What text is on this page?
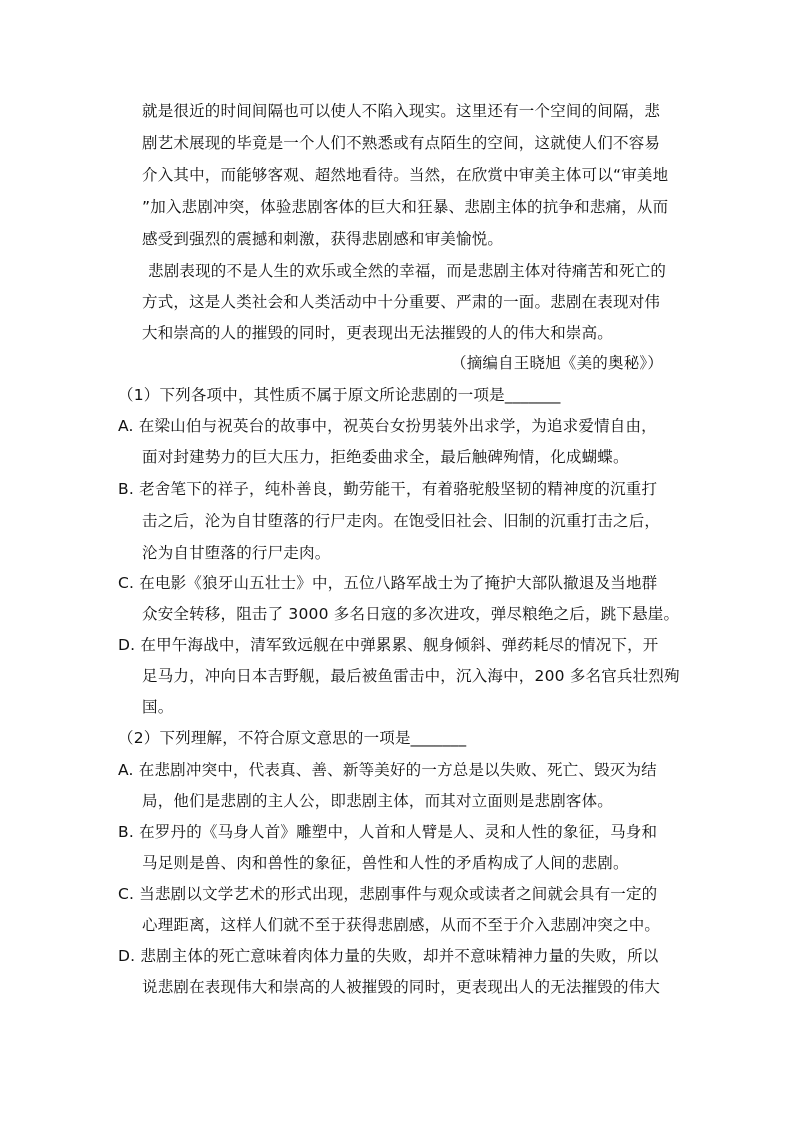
就是很近的时间间隔也可以使人不陷入现实。这里还有一个空间的间隔，悲
剧艺术展现的毕竟是一个人们不熟悉或有点陌生的空间，这就使人们不容易
介入其中，而能够客观、超然地看待。当然，在欣赏中审美主体可以“审美地
”加入悲剧冲突，体验悲剧客体的巨大和狂暴、悲剧主体的抗争和悲痛，从而
感受到强烈的震撼和刺激，获得悲剧感和审美愉悦。
悲剧表现的不是人生的欢乐或全然的幸福，而是悲剧主体对待痛苦和死亡的
方式，这是人类社会和人类活动中十分重要、严肃的一面。悲剧在表现对伟
大和崇高的人的摧毁的同时，更表现出无法摧毁的人的伟大和崇高。
（摘编自王晓旭《美的奥秘》）
（1）下列各项中，其性质不属于原文所论悲剧的一项是_______
A. 在梁山伯与祝英台的故事中，祝英台女扮男装外出求学，为追求爱情自由，
面对封建势力的巨大压力，拒绝委曲求全，最后触碑殉情，化成蝴蝶。
B. 老舍笔下的祥子，纯朴善良，勤劳能干，有着骆驼般坚韧的精神度的沉重打
击之后，沦为自甘堕落的行尸走肉。在饱受旧社会、旧制的沉重打击之后，
沦为自甘堕落的行尸走肉。
C. 在电影《狼牙山五壮士》中，五位八路军战士为了掩护大部队撤退及当地群
众安全转移，阻击了 3000 多名日寇的多次进攻，弹尽粮绝之后，跳下悬崖。
D. 在甲午海战中，清军致远舰在中弹累累、舰身倾斜、弹药耗尽的情况下，开
足马力，冲向日本吉野舰，最后被鱼雷击中，沉入海中，200 多名官兵壮烈殉
国。
（2）下列理解，不符合原文意思的一项是_______
A. 在悲剧冲突中，代表真、善、新等美好的一方总是以失败、死亡、毁灭为结
局，他们是悲剧的主人公，即悲剧主体，而其对立面则是悲剧客体。
B. 在罗丹的《马身人首》雕塑中，人首和人臂是人、灵和人性的象征，马身和
马足则是兽、肉和兽性的象征，兽性和人性的矛盾构成了人间的悲剧。
C. 当悲剧以文学艺术的形式出现，悲剧事件与观众或读者之间就会具有一定的
心理距离，这样人们就不至于获得悲剧感，从而不至于介入悲剧冲突之中。
D. 悲剧主体的死亡意味着肉体力量的失败，却并不意味精神力量的失败，所以
说悲剧在表现伟大和崇高的人被摧毁的同时，更表现出人的无法摧毁的伟大
